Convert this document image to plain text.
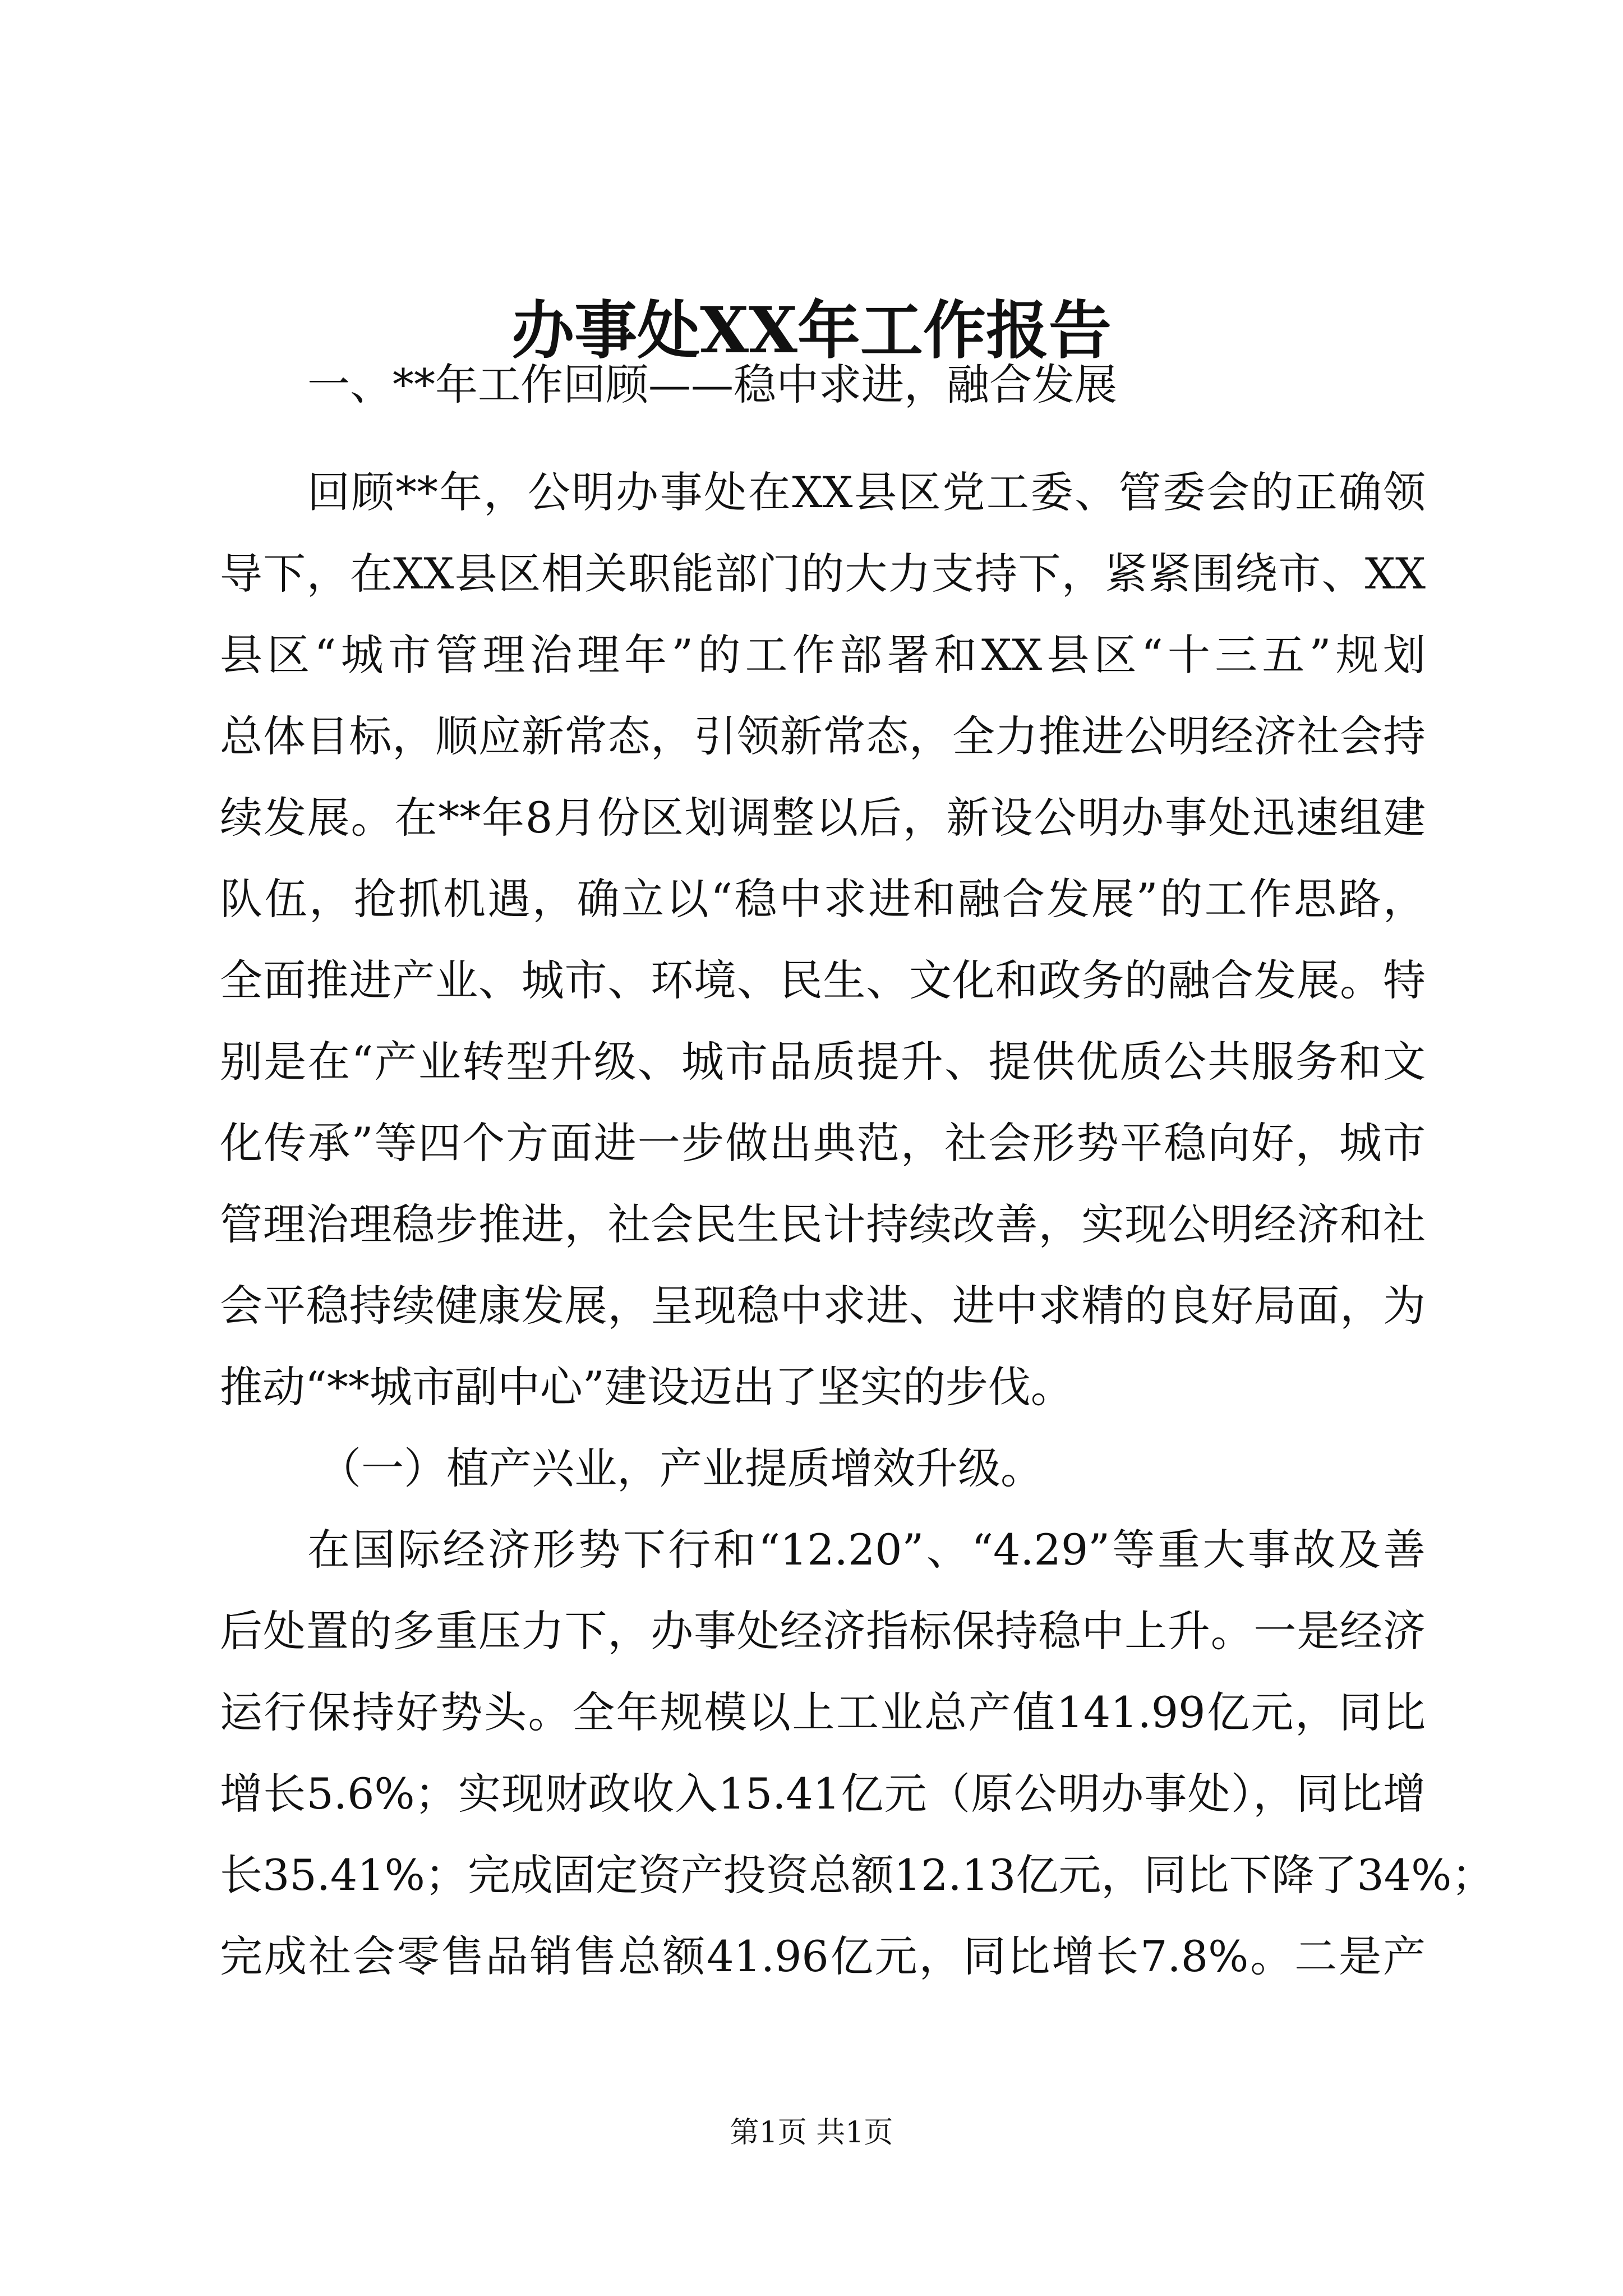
办事处XX年工作报告
一、**年工作回顾——稳中求进，融合发展
回顾**年，公明办事处在XX县区党工委、管委会的正确领
导下，在XX县区相关职能部门的大力支持下，紧紧围绕市、XX
县区“城市管理治理年”的工作部署和XX县区“十三五”规划
总体目标，顺应新常态，引领新常态，全力推进公明经济社会持
续发展。在**年8月份区划调整以后，新设公明办事处迅速组建
队伍，抢抓机遇，确立以“稳中求进和融合发展”的工作思路，
全面推进产业、城市、环境、民生、文化和政务的融合发展。特
别是在“产业转型升级、城市品质提升、提供优质公共服务和文
化传承”等四个方面进一步做出典范，社会形势平稳向好，城市
管理治理稳步推进，社会民生民计持续改善，实现公明经济和社
会平稳持续健康发展，呈现稳中求进、进中求精的良好局面，为
推动“**城市副中心”建设迈出了坚实的步伐。
（一）植产兴业，产业提质增效升级。
在国际经济形势下行和“12.20”、“4.29”等重大事故及善
后处置的多重压力下，办事处经济指标保持稳中上升。一是经济
运行保持好势头。全年规模以上工业总产值141.99亿元，同比
增长5.6%；实现财政收入15.41亿元（原公明办事处），同比增
长35.41%；完成固定资产投资总额12.13亿元，同比下降了34%；
完成社会零售品销售总额41.96亿元，同比增长7.8%。二是产
第1页 共1页
